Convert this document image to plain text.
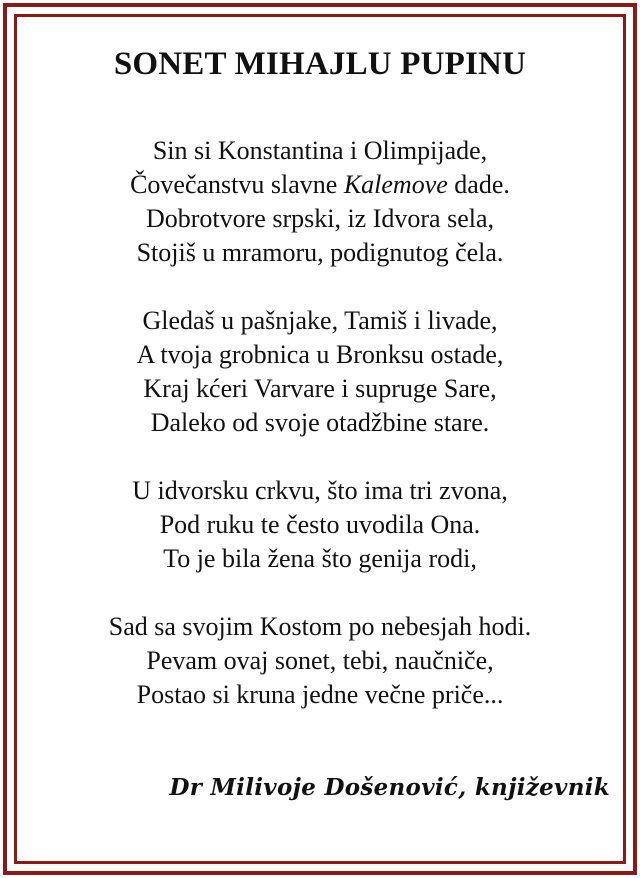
SONET MIHAJLU PUPINU
Sin si Konstantina i Olimpijade,
Čovečanstvu slavne Kalemove dade.
Dobrotvore srpski, iz Idvora sela,
Stojiš u mramoru, podignutog čela.
Gledaš u pašnjake, Tamiš i livade,
A tvoja grobnica u Bronksu ostade,
Kraj kćeri Varvare i supruge Sare,
Daleko od svoje otadžbine stare.
U idvorsku crkvu, što ima tri zvona,
Pod ruku te često uvodila Ona.
To je bila žena što genija rodi,
Sad sa svojim Kostom po nebesjah hodi.
Pevam ovaj sonet, tebi, naučniče,
Postao si kruna jedne večne priče...
Dr Milivoje Došenović, književnik
